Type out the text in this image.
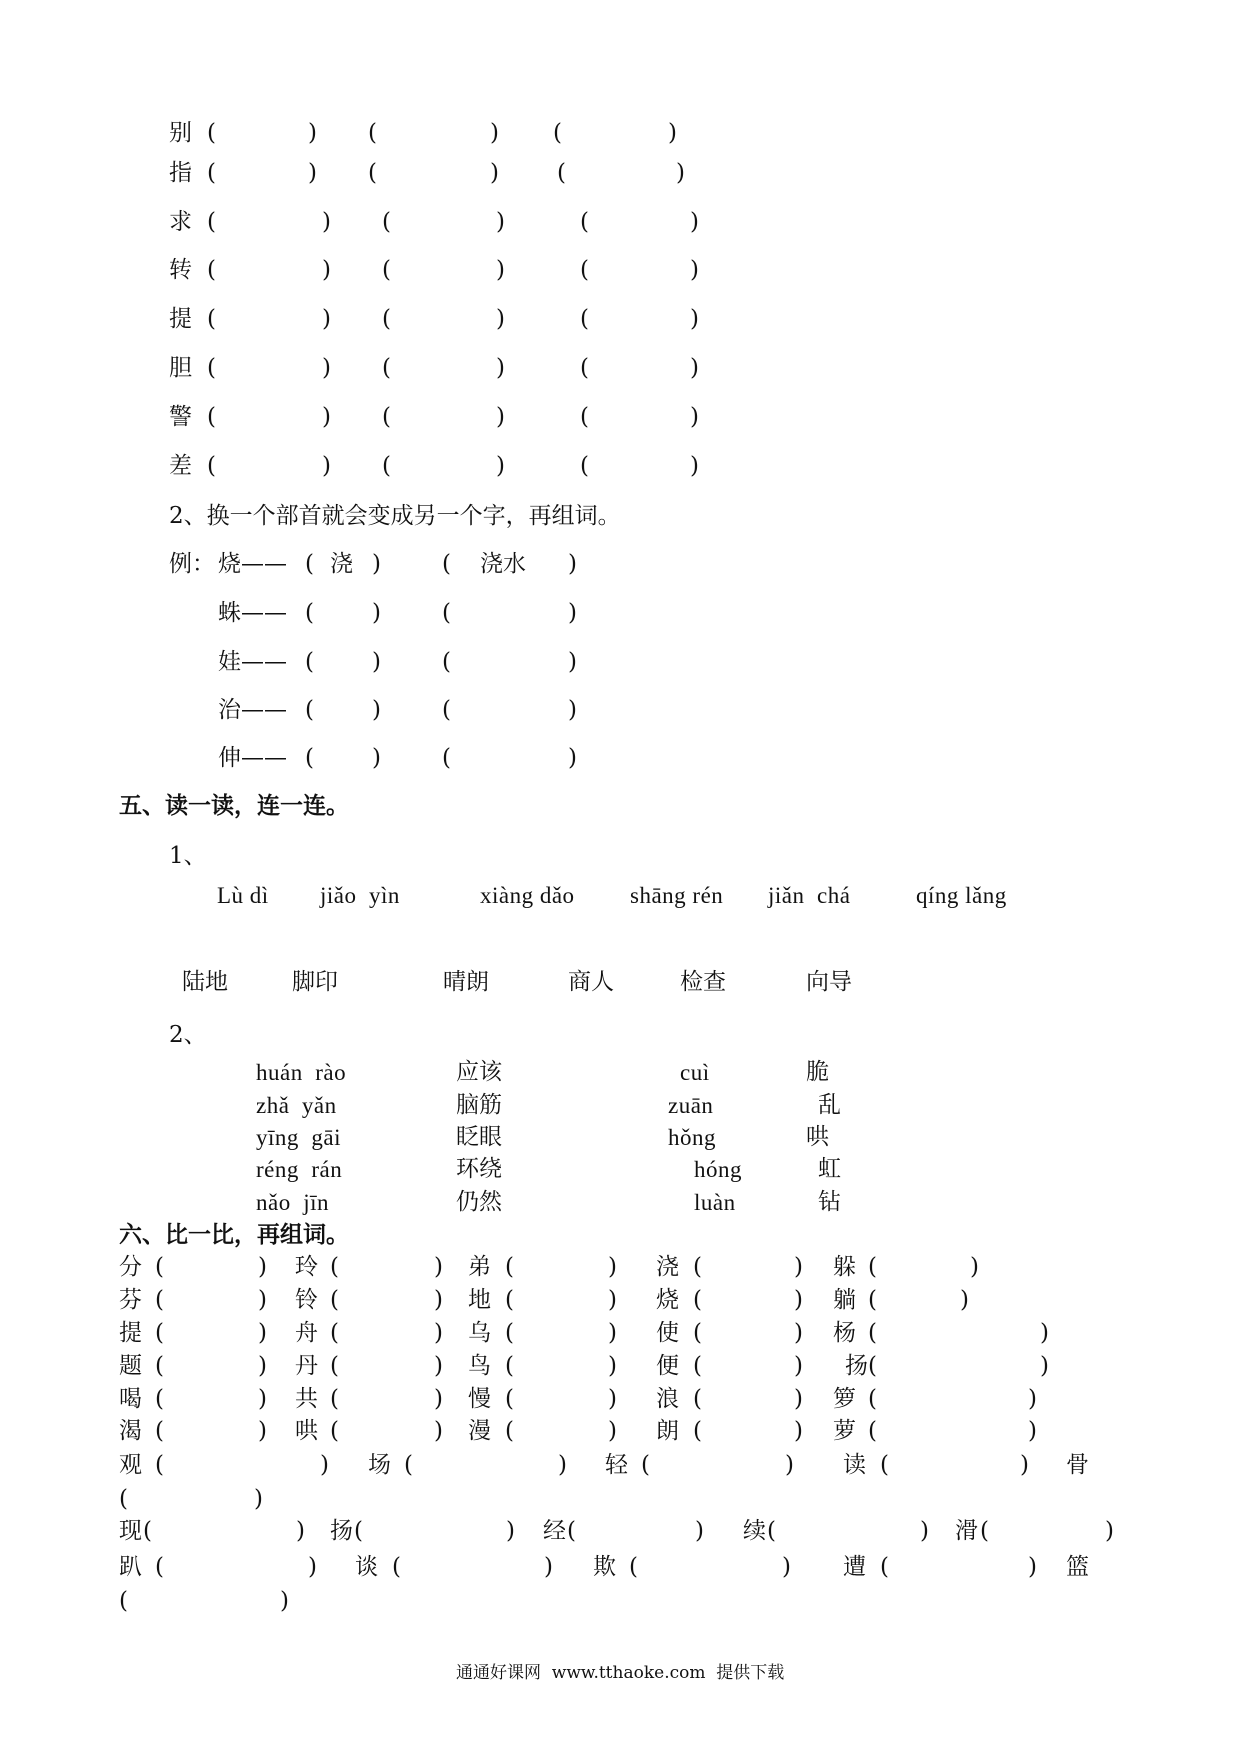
别 (	) (	) (	)
指 (	) (	)	(	)
求 (	) (	)	(	)
转 (	) (	)	(	)
提 (	) (	)	(	)
胆 (	) (	)	(	)
警 (	) (	)	(	)
差 (	) (	)	(	)
2、换一个部首就会变成另一个字，再组词。
例： 烧—— ( 浇 )	( 浇水 )
蛛—— (	)	(	)
娃—— (	)	(	)
治—— (	)	(	)
伸—— (	)	(	)
五、读一读，连一连。
1、
Lù dì jiǎo  yìn	xiàng dǎo shāng rén jiǎn  chá	qíng lǎng
陆地	脚印	晴朗	商人	检查	向导
2、
huán  rào	应该	cuì	脆
zhǎ  yǎn	脑筋	zuān	乱
yīng  gāi	眨眼	hǒng	哄
réng  rán	环绕	hóng	虹
nǎo  jīn	仍然	luàn	钻
六、比一比，再组词。
分 (	) 玲 (	) 弟 (	) 浇 (	) 躲 (	)
芬 (	) 铃 (	) 地 (	) 烧 (	) 躺 (	)
提 (	) 舟 (	) 乌 (	) 使 (	) 杨 (	)
题 (	) 丹 (	) 鸟 (	) 便 (	) 扬 (	)
喝 (	) 共 (	) 慢 (	) 浪 (	) 箩 (	)
渴 (	) 哄 (	) 漫 (	) 朗 (	) 萝 (	)
观 (	) 场 (	) 轻 (	) 读 (	) 骨
(	)
现 (	) 扬 (	) 经 (	) 续 (	) 滑 (	)
趴 (	) 谈 (	) 欺 (	) 遭 (	) 篮
(	)
通通好课网  www.tthaoke.com  提供下载
